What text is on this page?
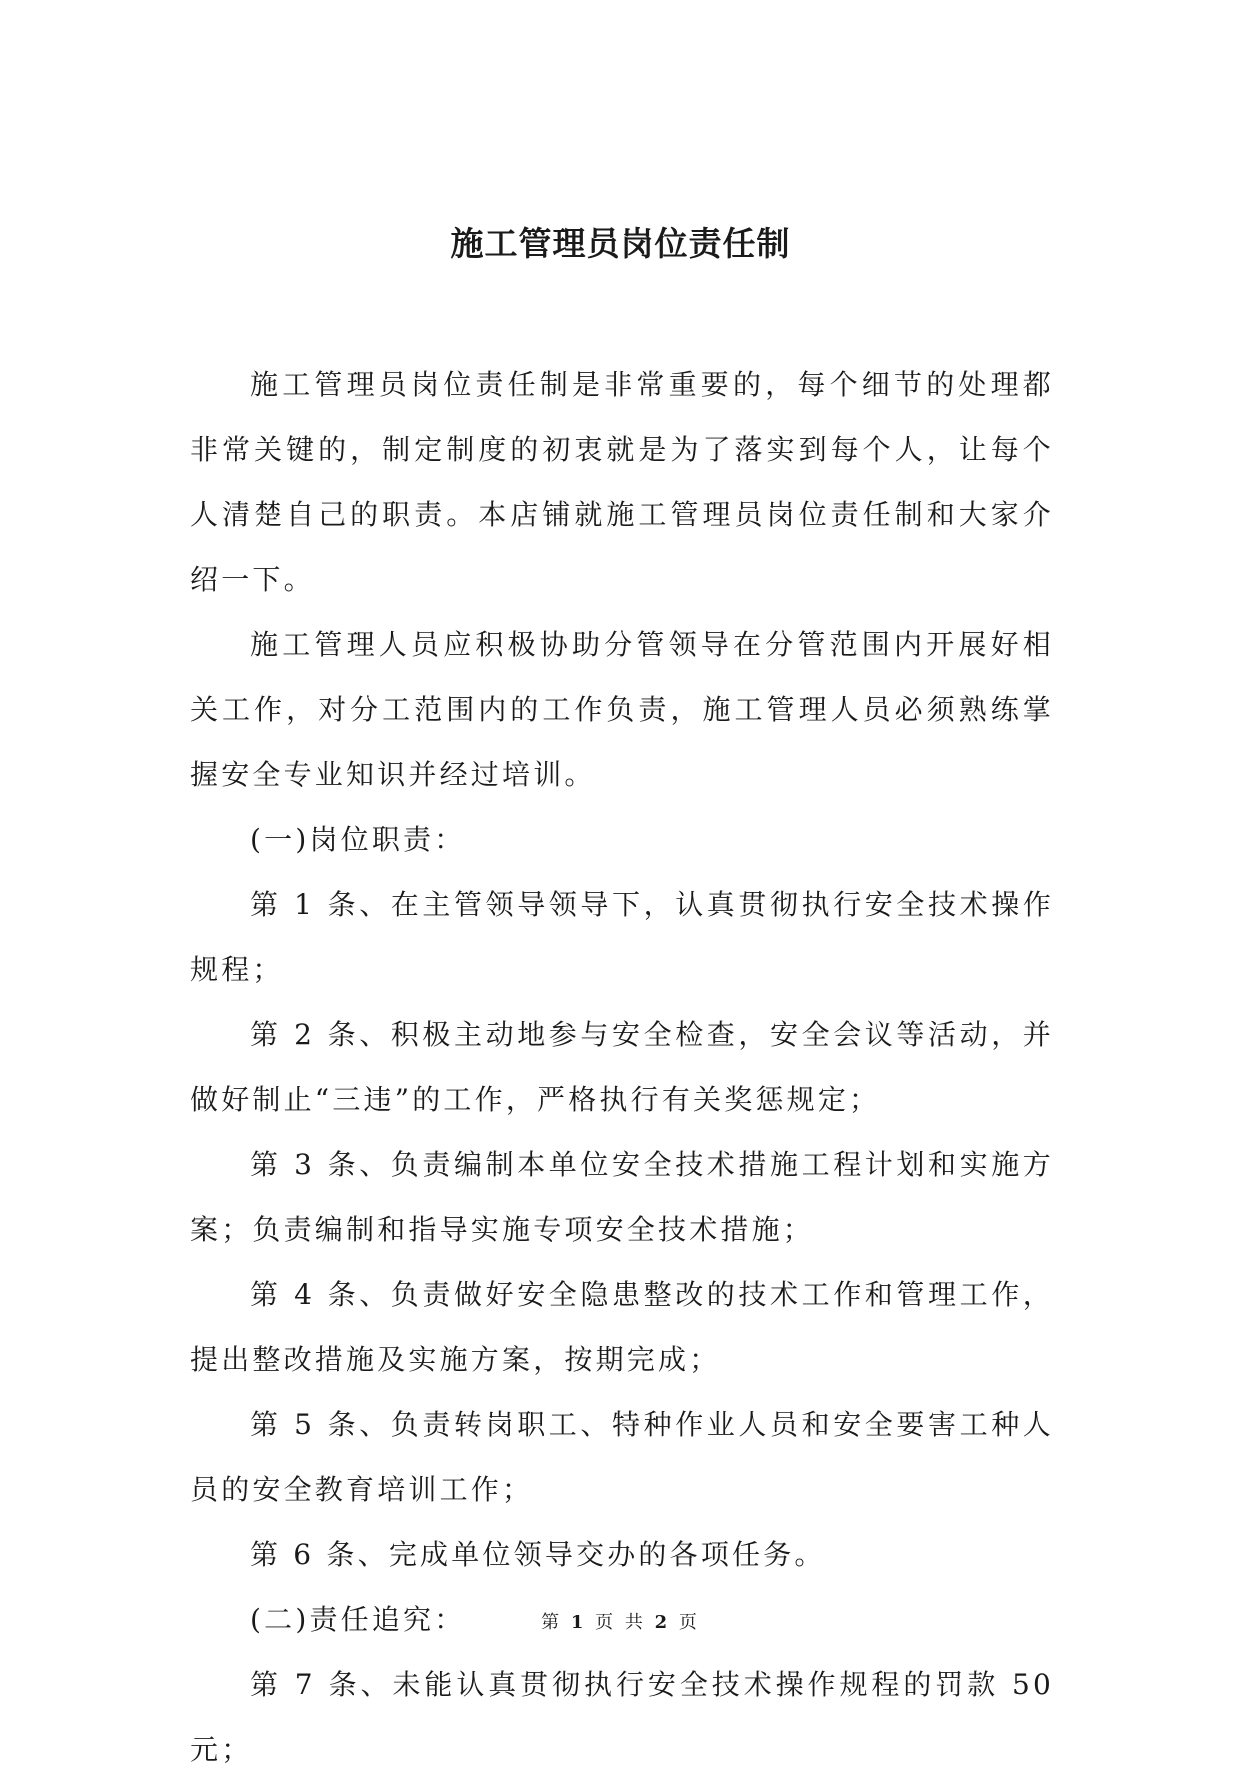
施工管理员岗位责任制

施工管理员岗位责任制是非常重要的，每个细节的处理都非常关键的，制定制度的初衷就是为了落实到每个人，让每个人清楚自己的职责。本店铺就施工管理员岗位责任制和大家介绍一下。

施工管理人员应积极协助分管领导在分管范围内开展好相关工作，对分工范围内的工作负责，施工管理人员必须熟练掌握安全专业知识并经过培训。

(一)岗位职责：

第 1 条、在主管领导领导下，认真贯彻执行安全技术操作规程；

第 2 条、积极主动地参与安全检查，安全会议等活动，并做好制止“三违”的工作，严格执行有关奖惩规定；

第 3 条、负责编制本单位安全技术措施工程计划和实施方案；负责编制和指导实施专项安全技术措施；

第 4 条、负责做好安全隐患整改的技术工作和管理工作，提出整改措施及实施方案，按期完成；

第 5 条、负责转岗职工、特种作业人员和安全要害工种人员的安全教育培训工作；

第 6 条、完成单位领导交办的各项任务。

(二)责任追究：

第 7 条、未能认真贯彻执行安全技术操作规程的罚款 50 元；

第 1 页 共 2 页
